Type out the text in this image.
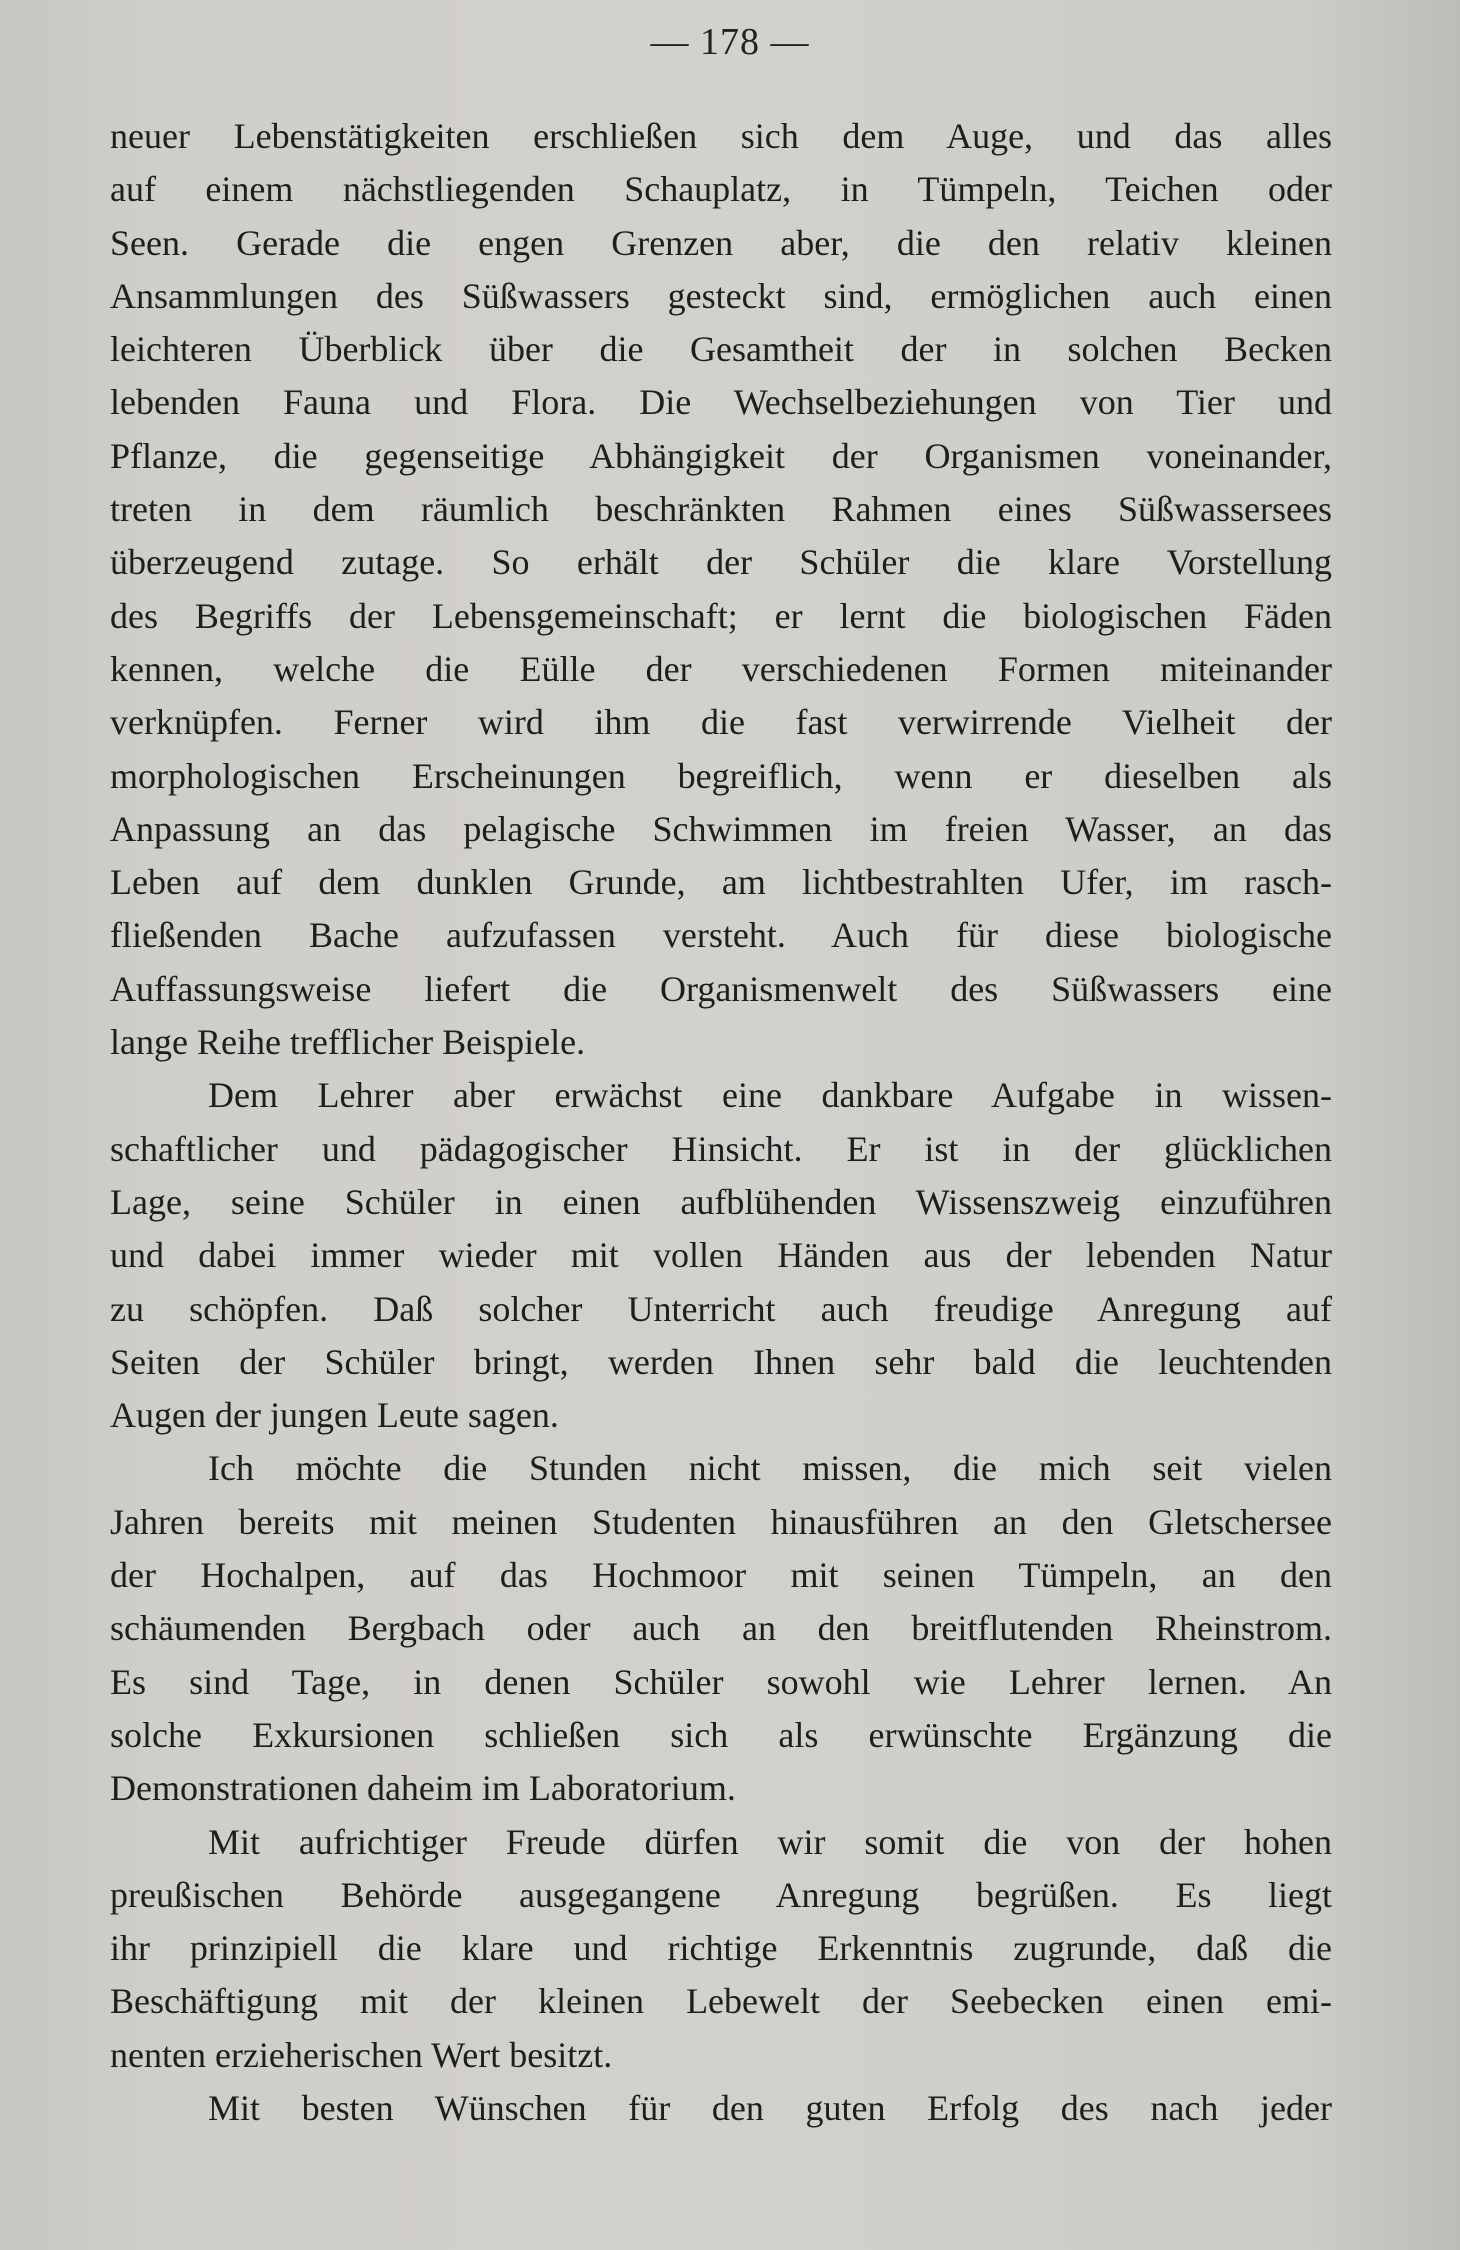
— 178 —
neuer Lebenstätigkeiten erschließen sich dem Auge, und das alles
auf einem nächstliegenden Schauplatz, in Tümpeln, Teichen oder
Seen. Gerade die engen Grenzen aber, die den relativ kleinen
Ansammlungen des Süßwassers gesteckt sind, ermöglichen auch einen
leichteren Überblick über die Gesamtheit der in solchen Becken
lebenden Fauna und Flora. Die Wechselbeziehungen von Tier und
Pflanze, die gegenseitige Abhängigkeit der Organismen voneinander,
treten in dem räumlich beschränkten Rahmen eines Süßwassersees
überzeugend zutage. So erhält der Schüler die klare Vorstellung
des Begriffs der Lebensgemeinschaft; er lernt die biologischen Fäden
kennen, welche die Eülle der verschiedenen Formen miteinander
verknüpfen. Ferner wird ihm die fast verwirrende Vielheit der
morphologischen Erscheinungen begreiflich, wenn er dieselben als
Anpassung an das pelagische Schwimmen im freien Wasser, an das
Leben auf dem dunklen Grunde, am lichtbestrahlten Ufer, im rasch-
fließenden Bache aufzufassen versteht. Auch für diese biologische
Auffassungsweise liefert die Organismenwelt des Süßwassers eine
lange Reihe trefflicher Beispiele.
Dem Lehrer aber erwächst eine dankbare Aufgabe in wissen-
schaftlicher und pädagogischer Hinsicht. Er ist in der glücklichen
Lage, seine Schüler in einen aufblühenden Wissenszweig einzuführen
und dabei immer wieder mit vollen Händen aus der lebenden Natur
zu schöpfen. Daß solcher Unterricht auch freudige Anregung auf
Seiten der Schüler bringt, werden Ihnen sehr bald die leuchtenden
Augen der jungen Leute sagen.
Ich möchte die Stunden nicht missen, die mich seit vielen
Jahren bereits mit meinen Studenten hinausführen an den Gletschersee
der Hochalpen, auf das Hochmoor mit seinen Tümpeln, an den
schäumenden Bergbach oder auch an den breitflutenden Rheinstrom.
Es sind Tage, in denen Schüler sowohl wie Lehrer lernen. An
solche Exkursionen schließen sich als erwünschte Ergänzung die
Demonstrationen daheim im Laboratorium.
Mit aufrichtiger Freude dürfen wir somit die von der hohen
preußischen Behörde ausgegangene Anregung begrüßen. Es liegt
ihr prinzipiell die klare und richtige Erkenntnis zugrunde, daß die
Beschäftigung mit der kleinen Lebewelt der Seebecken einen emi-
nenten erzieherischen Wert besitzt.
Mit besten Wünschen für den guten Erfolg des nach jeder
